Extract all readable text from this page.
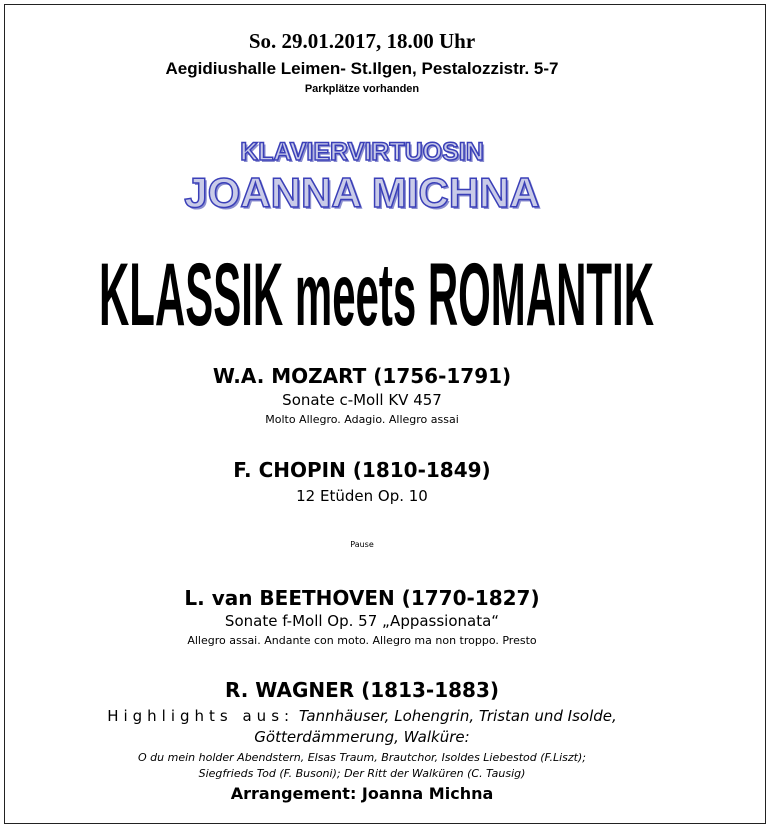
So. 29.01.2017, 18.00 Uhr
Aegidiushalle Leimen- St.Ilgen, Pestalozzistr. 5-7
Parkplätze vorhanden
KLAVIERVIRTUOSIN
JOANNA MICHNA
KLASSIK meets ROMANTIK
W.A. MOZART (1756-1791)
Sonate c-Moll KV 457
Molto Allegro. Adagio. Allegro assai
F. CHOPIN (1810-1849)
12 Etüden Op. 10
Pause
L. van BEETHOVEN (1770-1827)
Sonate f-Moll Op. 57 „Appassionata“
Allegro assai. Andante con moto. Allegro ma non troppo. Presto
R. WAGNER (1813-1883)
Highlights aus: Tannhäuser, Lohengrin, Tristan und Isolde,
Götterdämmerung, Walküre:
O du mein holder Abendstern, Elsas Traum, Brautchor, Isoldes Liebestod (F.Liszt);
Siegfrieds Tod (F. Busoni); Der Ritt der Walküren (C. Tausig)
Arrangement: Joanna Michna
